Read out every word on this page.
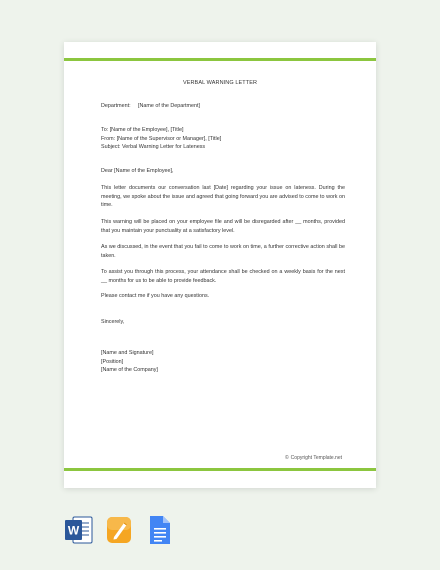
VERBAL WARNING LETTER
Department: [Name of the Department]
To: [Name of the Employee], [Title]
From: [Name of the Supervisor or Manager], [Title]
Subject: Verbal Warning Letter for Lateness
Dear [Name of the Employee],
This letter documents our conversation last [Date] regarding your issue on lateness. During the meeting, we spoke about the issue and agreed that going forward you are advised to come to work on time.
This warning will be placed on your employee file and will be disregarded after __ months, provided that you maintain your punctuality at a satisfactory level.
As we discussed, in the event that you fail to come to work on time, a further corrective action shall be taken.
To assist you through this process, your attendance shall be checked on a weekly basis for the next __ months for us to be able to provide feedback.
Please contact me if you have any questions.
Sincerely,
[Name and Signature]
[Position]
[Name of the Company]
© Copyright Template.net
W
